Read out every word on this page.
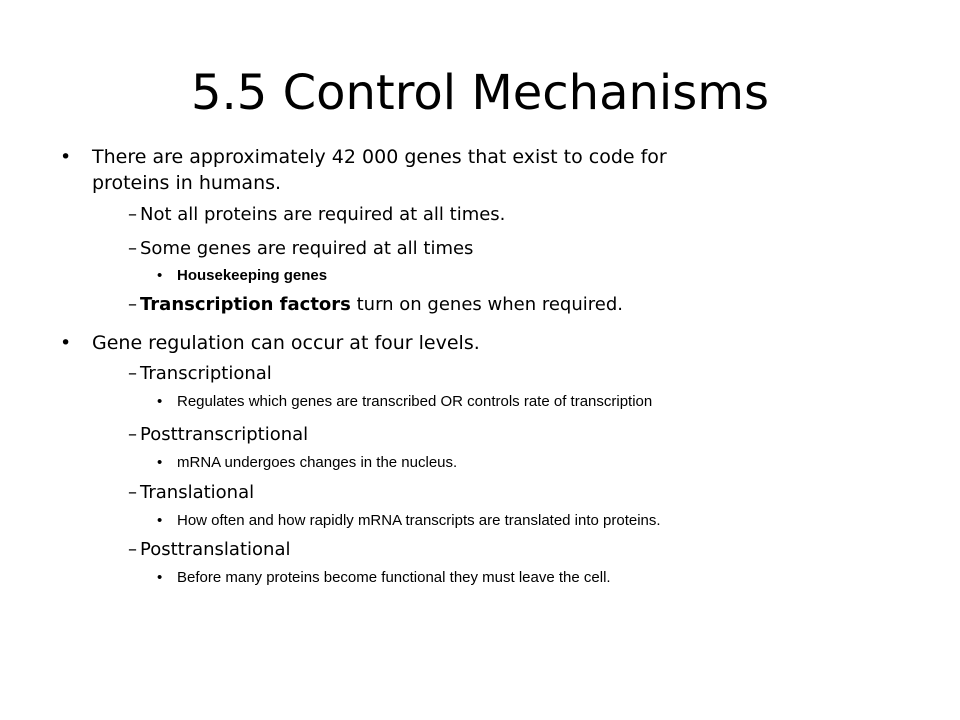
5.5 Control Mechanisms
•	There are approximately 42 000 genes that exist to code for
proteins in humans.
– Not all proteins are required at all times.
– Some genes are required at all times
• Housekeeping genes
– Transcription factors turn on genes when required.
•	Gene regulation can occur at four levels.
– Transcriptional
• Regulates which genes are transcribed OR controls rate of transcription
– Posttranscriptional
• mRNA undergoes changes in the nucleus.
– Translational
• How often and how rapidly mRNA transcripts are translated into proteins.
– Posttranslational
• Before many proteins become functional they must leave the cell.
